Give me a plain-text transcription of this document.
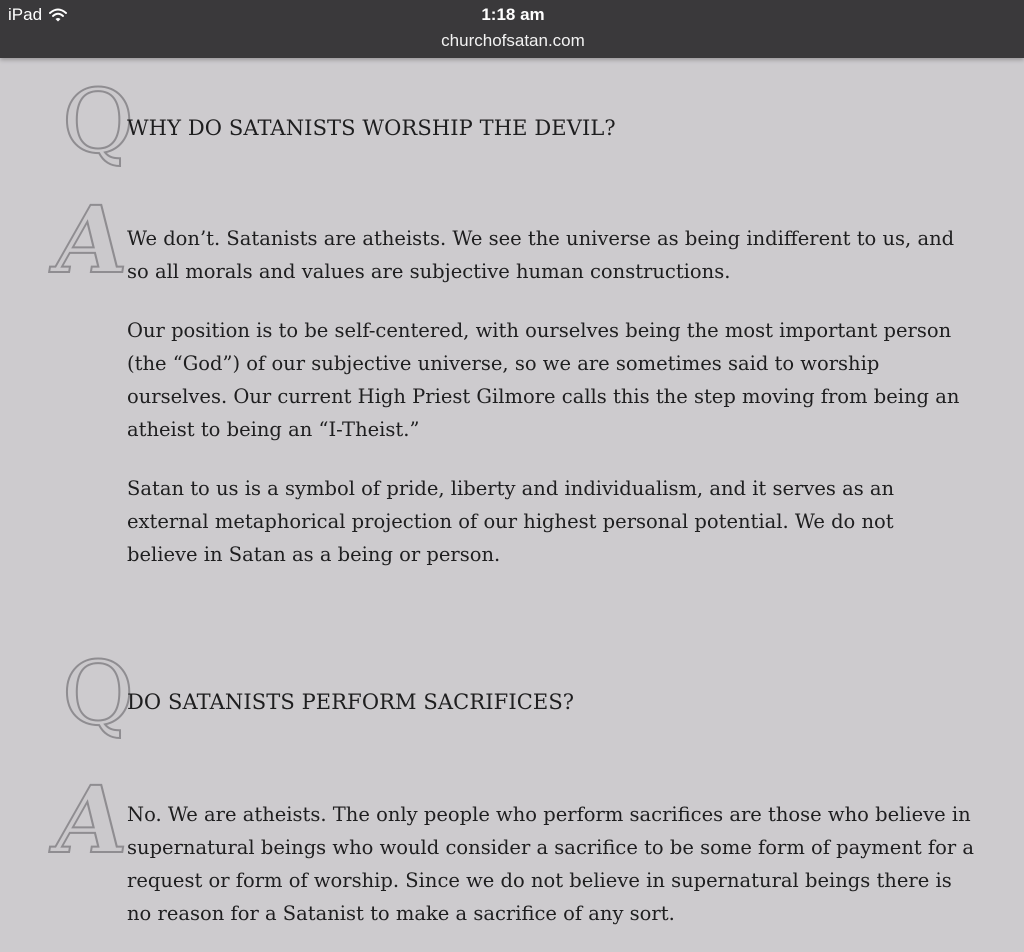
iPad	1:18 am
churchofsatan.com
Q
WHY DO SATANISTS WORSHIP THE DEVIL?
A

We don’t. Satanists are atheists. We see the universe as being indifferent to us, and

so all morals and values are subjective human constructions.

Our position is to be self-centered, with ourselves being the most important person

(the “God”) of our subjective universe, so we are sometimes said to worship

ourselves. Our current High Priest Gilmore calls this the step moving from being an

atheist to being an “I-Theist.”

Satan to us is a symbol of pride, liberty and individualism, and it serves as an

external metaphorical projection of our highest personal potential. We do not

believe in Satan as a being or person.

Q
DO SATANISTS PERFORM SACRIFICES?
A

No. We are atheists. The only people who perform sacrifices are those who believe in

supernatural beings who would consider a sacrifice to be some form of payment for a

request or form of worship. Since we do not believe in supernatural beings there is

no reason for a Satanist to make a sacrifice of any sort.
